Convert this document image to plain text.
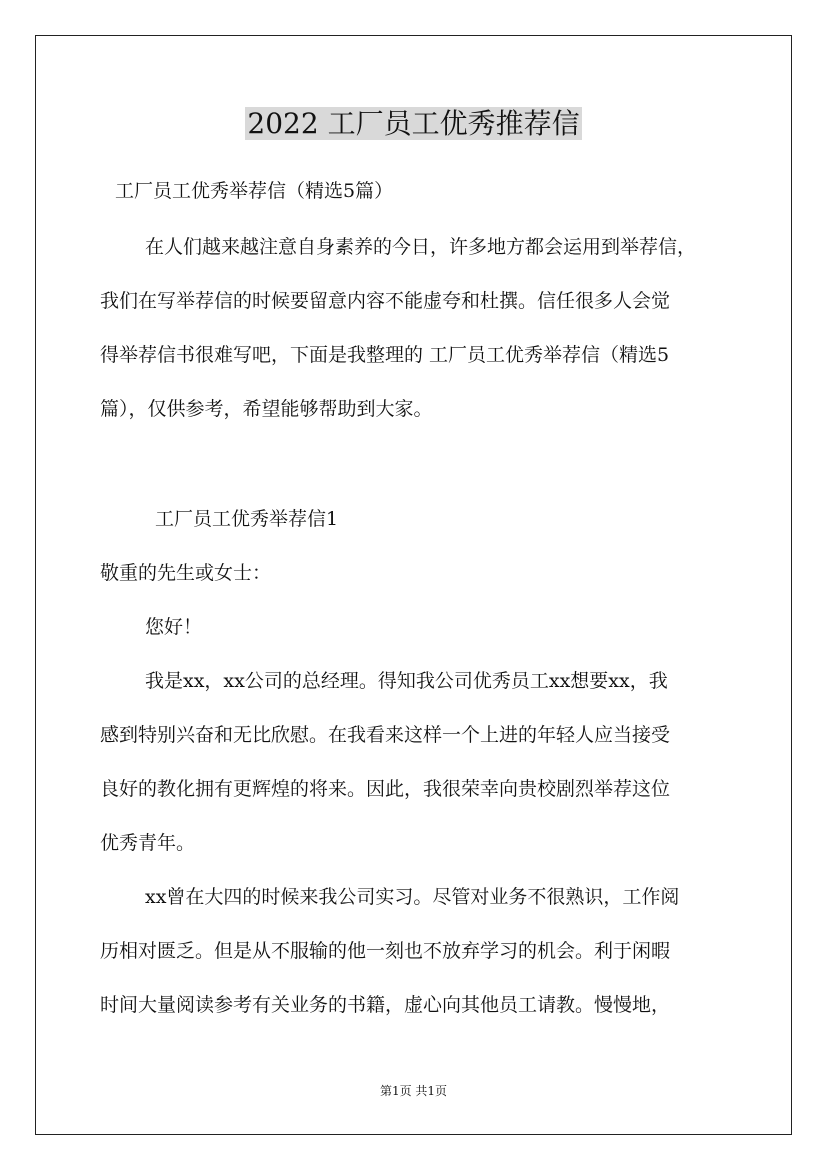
2022 工厂员工优秀推荐信
工厂员工优秀举荐信（精选5篇）
在人们越来越注意自身素养的今日，许多地方都会运用到举荐信，
我们在写举荐信的时候要留意内容不能虚夸和杜撰。信任很多人会觉
得举荐信书很难写吧，下面是我整理的 工厂员工优秀举荐信（精选5
篇），仅供参考，希望能够帮助到大家。
工厂员工优秀举荐信1
敬重的先生或女士：
您好！
我是xx，xx公司的总经理。得知我公司优秀员工xx想要xx，我
感到特别兴奋和无比欣慰。在我看来这样一个上进的年轻人应当接受
良好的教化拥有更辉煌的将来。因此，我很荣幸向贵校剧烈举荐这位
优秀青年。
xx曾在大四的时候来我公司实习。尽管对业务不很熟识，工作阅
历相对匮乏。但是从不服输的他一刻也不放弃学习的机会。利于闲暇
时间大量阅读参考有关业务的书籍，虚心向其他员工请教。慢慢地，
第1页 共1页
